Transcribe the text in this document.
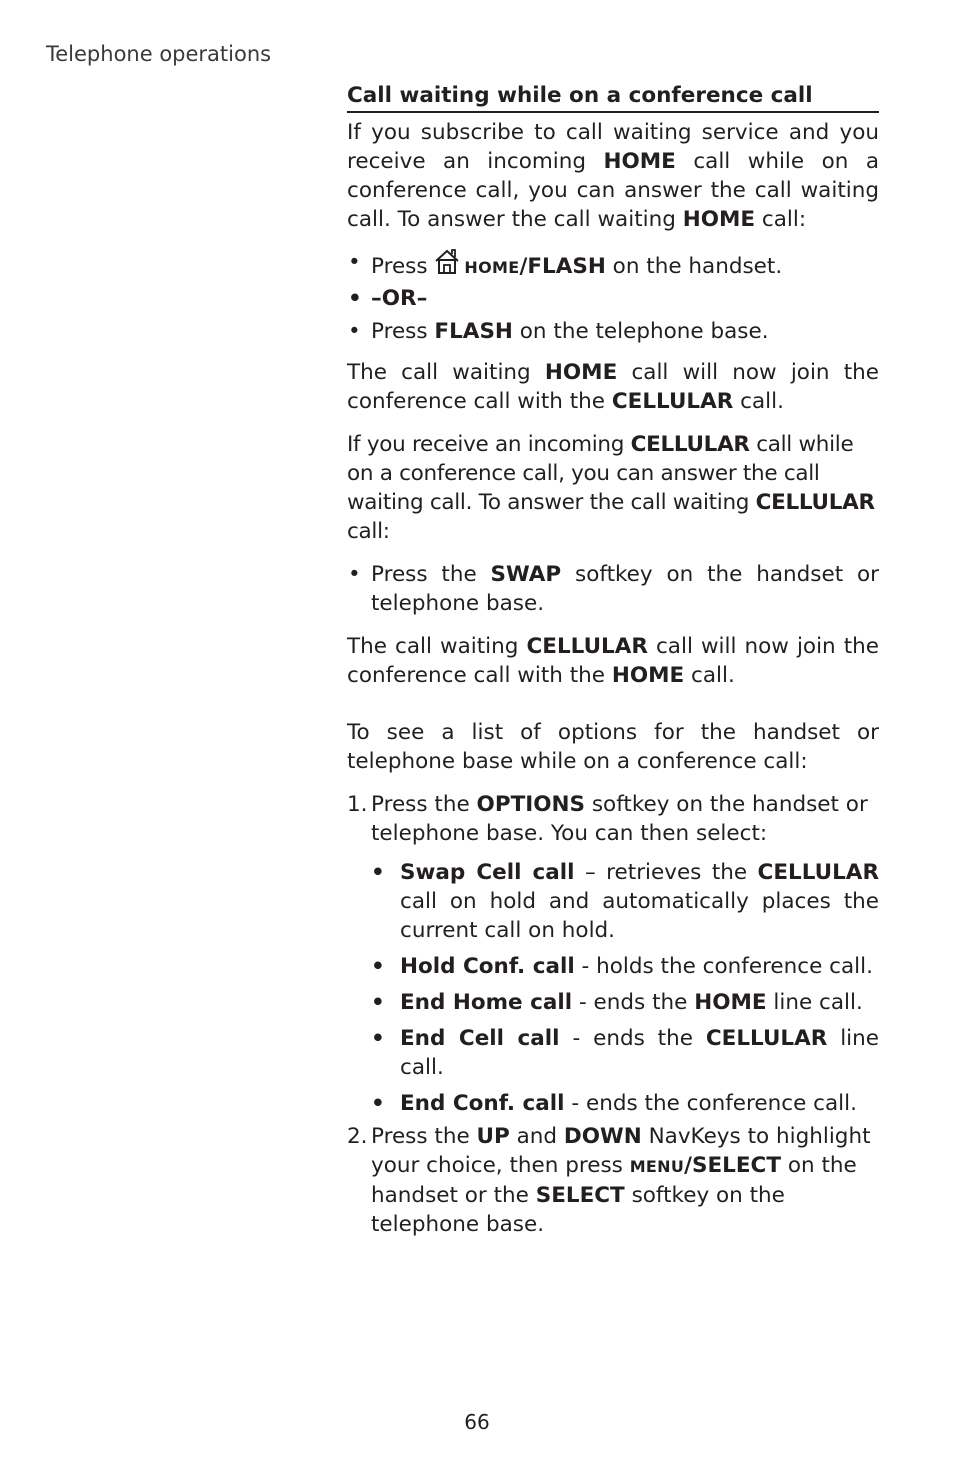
Telephone operations
Call waiting while on a conference call

If you subscribe to call waiting service and you receive an incoming HOME call while on a conference call, you can answer the call waiting call. To answer the call waiting HOME call:

• Press HOME/FLASH on the handset.
• –OR–
• Press FLASH on the telephone base.

The call waiting HOME call will now join the conference call with the CELLULAR call.

If you receive an incoming CELLULAR call while on a conference call, you can answer the call waiting call. To answer the call waiting CELLULAR call:

• Press the SWAP softkey on the handset or telephone base.

The call waiting CELLULAR call will now join the conference call with the HOME call.

To see a list of options for the handset or telephone base while on a conference call:

1. Press the OPTIONS softkey on the handset or telephone base. You can then select:
• Swap Cell call – retrieves the CELLULAR call on hold and automatically places the current call on hold.
• Hold Conf. call - holds the conference call.
• End Home call - ends the HOME line call.
• End Cell call - ends the CELLULAR line call.
• End Conf. call - ends the conference call.
2. Press the UP and DOWN NavKeys to highlight your choice, then press MENU/SELECT on the handset or the SELECT softkey on the telephone base.
66
